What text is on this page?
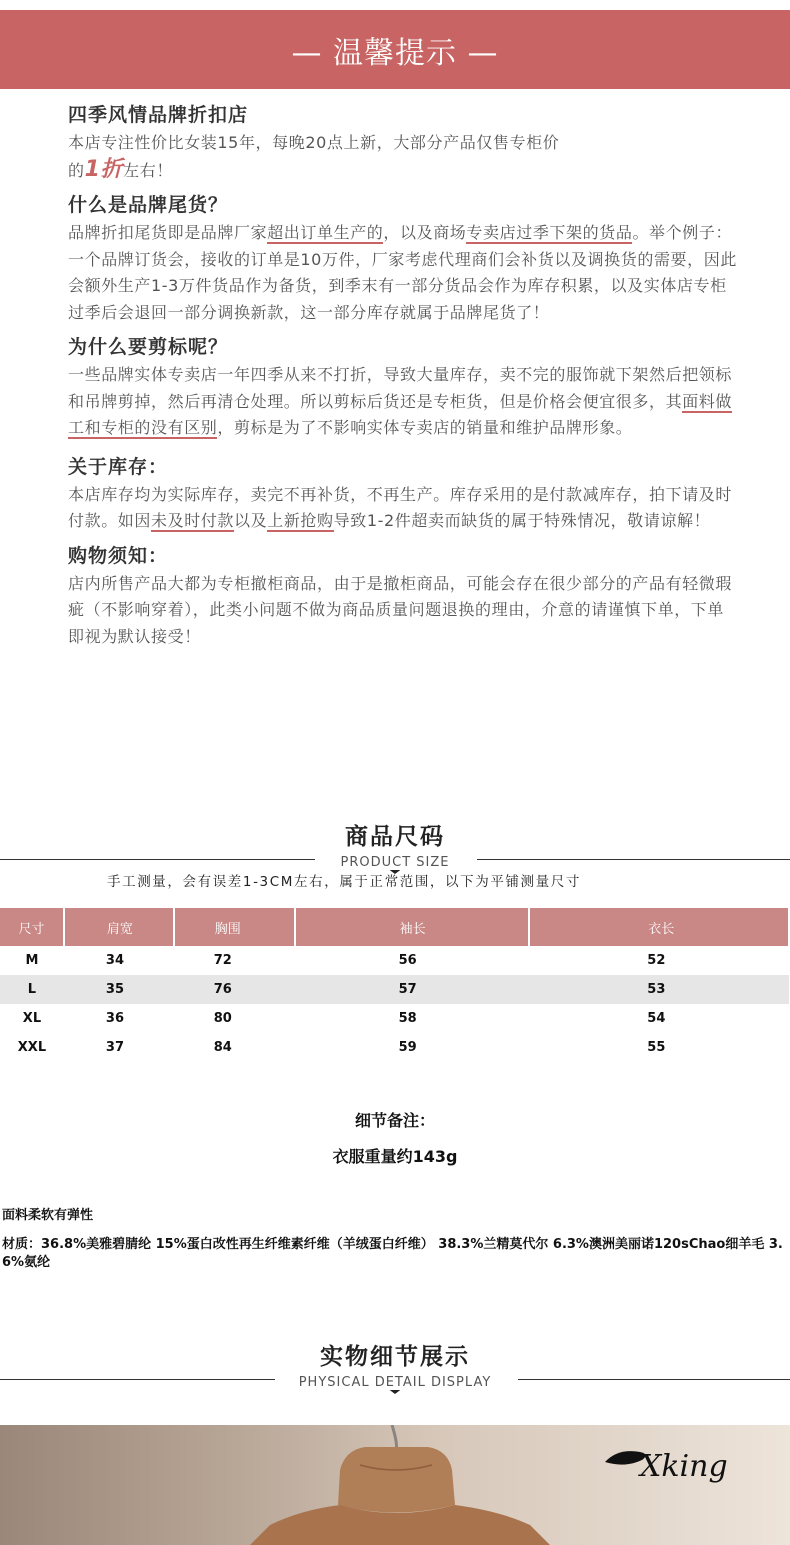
— 温馨提示 —
四季风情品牌折扣店

本店专注性价比女装15年，每晚20点上新，大部分产品仅售专柜价

的1折左右！

什么是品牌尾货？

品牌折扣尾货即是品牌厂家超出订单生产的，以及商场专卖店过季下架的货品。举个例子：一个品牌订货会，接收的订单是10万件，厂家考虑代理商们会补货以及调换货的需要，因此会额外生产1-3万件货品作为备货，到季末有一部分货品会作为库存积累，以及实体店专柜过季后会退回一部分调换新款，这一部分库存就属于品牌尾货了！

为什么要剪标呢？

一些品牌实体专卖店一年四季从来不打折，导致大量库存，卖不完的服饰就下架然后把领标和吊牌剪掉，然后再清仓处理。所以剪标后货还是专柜货，但是价格会便宜很多，其面料做工和专柜的没有区别，剪标是为了不影响实体专卖店的销量和维护品牌形象。

关于库存：

本店库存均为实际库存，卖完不再补货，不再生产。库存采用的是付款减库存，拍下请及时付款。如因未及时付款以及上新抢购导致1-2件超卖而缺货的属于特殊情况，敬请谅解！

购物须知：

店内所售产品大都为专柜撤柜商品，由于是撤柜商品，可能会存在很少部分的产品有轻微瑕疵（不影响穿着），此类小问题不做为商品质量问题退换的理由，介意的请谨慎下单，下单即视为默认接受！

商品尺码
PRODUCT SIZE
手工测量，会有误差1-3CM左右，属于正常范围，以下为平铺测量尺寸
尺寸	肩宽	胸围	袖长	衣长
M	34	72	56	52
L	35	76	57	53
XL	36	80	58	54
XXL	37	84	59	55
细节备注：
衣服重量约143g
面料柔软有弹性
材质：36.8%美雅碧腈纶 15%蛋白改性再生纤维素纤维（羊绒蛋白纤维） 38.3%兰精莫代尔 6.3%澳洲美丽诺120sChao细羊毛 3.6%氨纶
实物细节展示
PHYSICAL DETAIL DISPLAY
Xking
